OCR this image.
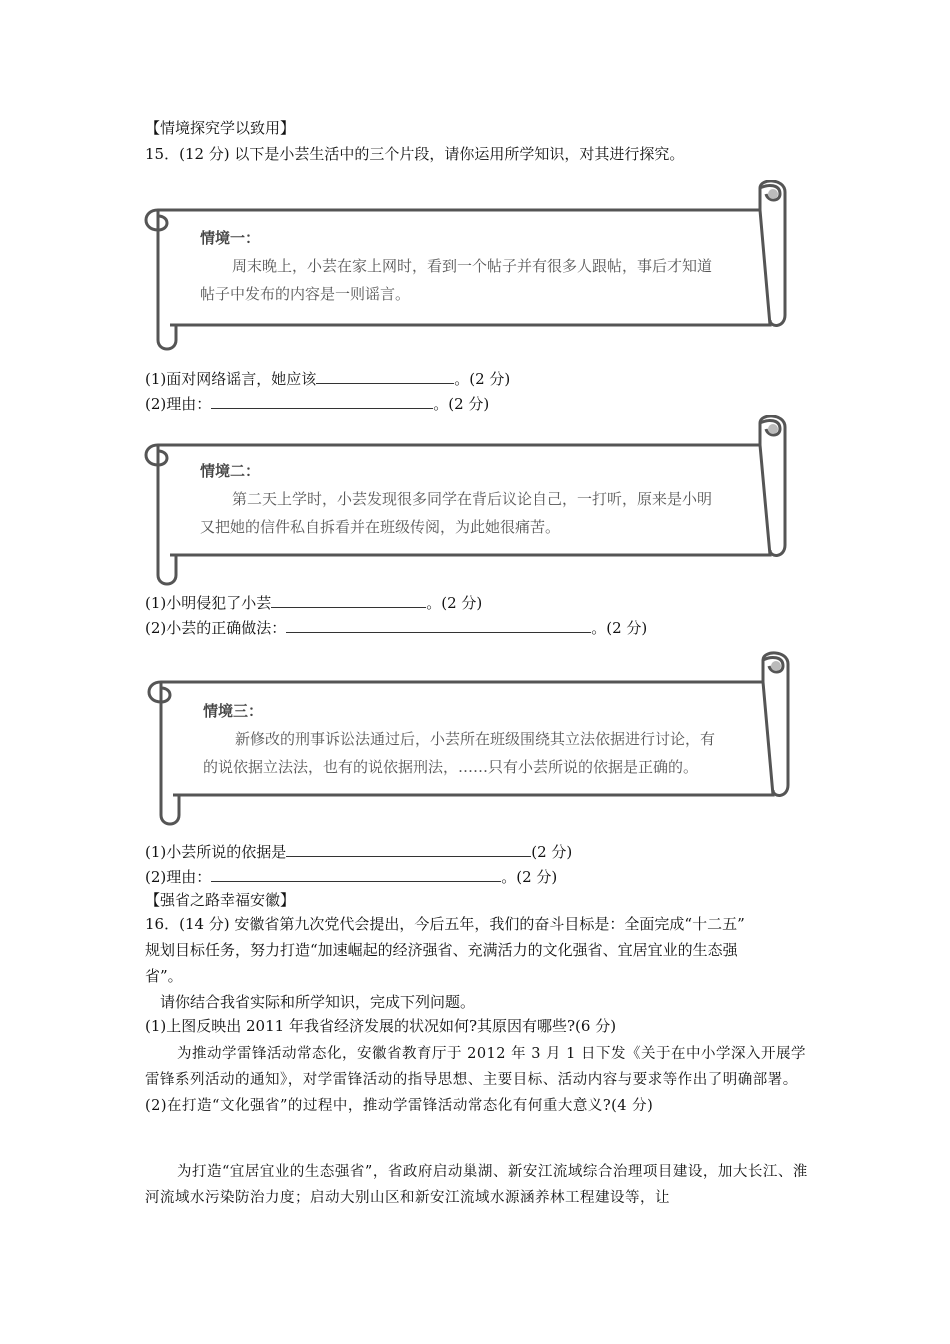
【情境探究学以致用】
15．(12 分) 以下是小芸生活中的三个片段，请你运用所学知识，对其进行探究。
情境一：
周末晚上，小芸在家上网时，看到一个帖子并有很多人跟帖，事后才知道
帖子中发布的内容是一则谣言。
(1)面对网络谣言，她应该	。(2 分)
(2)理由：	。(2 分)
情境二：
第二天上学时，小芸发现很多同学在背后议论自己，一打听，原来是小明
又把她的信件私自拆看并在班级传阅，为此她很痛苦。
(1)小明侵犯了小芸	。(2 分)
(2)小芸的正确做法：	。(2 分)
情境三：
新修改的刑事诉讼法通过后，小芸所在班级围绕其立法依据进行讨论，有
的说依据立法法，也有的说依据刑法，……只有小芸所说的依据是正确的。
(1)小芸所说的依据是	(2 分)
(2)理由：	。(2 分)
【强省之路幸福安徽】
16．(14 分) 安徽省第九次党代会提出，今后五年，我们的奋斗目标是：全面完成“十二五”
规划目标任务，努力打造“加速崛起的经济强省、充满活力的文化强省、宜居宜业的生态强
省”。
请你结合我省实际和所学知识，完成下列问题。
(1)上图反映出 2011 年我省经济发展的状况如何?其原因有哪些?(6 分)
为推动学雷锋活动常态化，安徽省教育厅于 2012 年 3 月 1 日下发《关于在中小学深入开展学雷锋系列活动的通知》，对学雷锋活动的指导思想、主要目标、活动内容与要求等作出了明确部署。(2)在打造“文化强省”的过程中，推动学雷锋活动常态化有何重大意义?(4 分)
为打造“宜居宜业的生态强省”，省政府启动巢湖、新安江流域综合治理项目建设，加大长江、淮河流域水污染防治力度；启动大别山区和新安江流域水源涵养林工程建设等，让
